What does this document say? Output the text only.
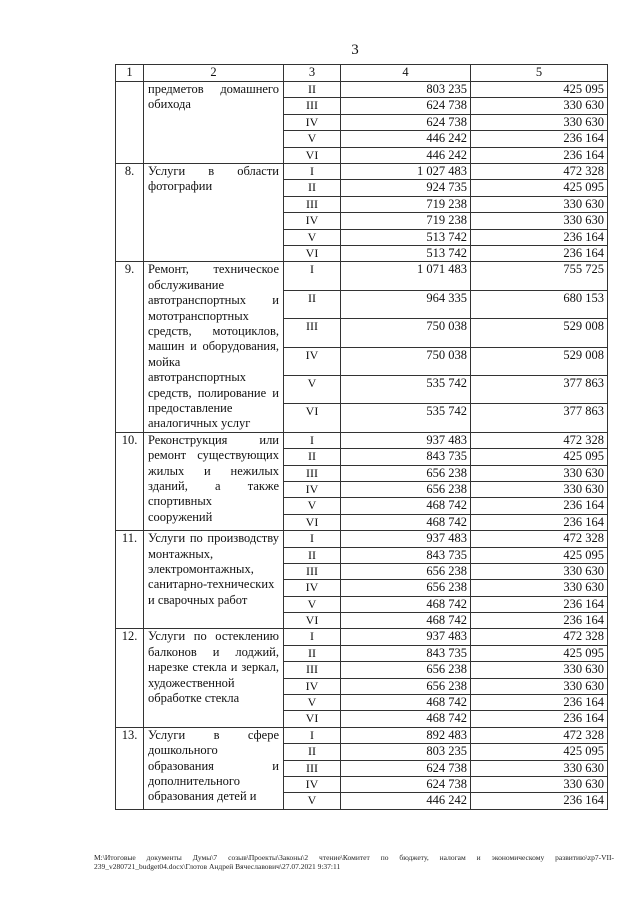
3
1	2	3	4	5
	предметов домашнего обихода	II	803 235	425 095
		III	624 738	330 630
		IV	624 738	330 630
		V	446 242	236 164
		VI	446 242	236 164
8.	Услуги в области фотографии	I	1 027 483	472 328
		II	924 735	425 095
		III	719 238	330 630
		IV	719 238	330 630
		V	513 742	236 164
		VI	513 742	236 164
9.	Ремонт, техническое обслуживание автотранспортных и мототранспортных средств, мотоциклов, машин и оборудования, мойка автотранспортных средств, полирование и предоставление аналогичных услуг	I	1 071 483	755 725
		II	964 335	680 153
		III	750 038	529 008
		IV	750 038	529 008
		V	535 742	377 863
		VI	535 742	377 863
10.	Реконструкция или ремонт существующих жилых и нежилых зданий, а также спортивных сооружений	I	937 483	472 328
		II	843 735	425 095
		III	656 238	330 630
		IV	656 238	330 630
		V	468 742	236 164
		VI	468 742	236 164
11.	Услуги по производству монтажных, электромонтажных, санитарно-технических и сварочных работ	I	937 483	472 328
		II	843 735	425 095
		III	656 238	330 630
		IV	656 238	330 630
		V	468 742	236 164
		VI	468 742	236 164
12.	Услуги по остеклению балконов и лоджий, нарезке стекла и зеркал, художественной обработке стекла	I	937 483	472 328
		II	843 735	425 095
		III	656 238	330 630
		IV	656 238	330 630
		V	468 742	236 164
		VI	468 742	236 164
13.	Услуги в сфере дошкольного образования и дополнительного образования детей и	I	892 483	472 328
		II	803 235	425 095
		III	624 738	330 630
		IV	624 738	330 630
		V	446 242	236 164
M:\Итоговые документы Думы\7 созыв\Проекты\Законы\2 чтение\Комитет по бюджету, налогам и экономическому развитию\zp7-VII-239_v280721_budget04.docx\Глотов Андрей Вячеславович\27.07.2021 9:37:11
